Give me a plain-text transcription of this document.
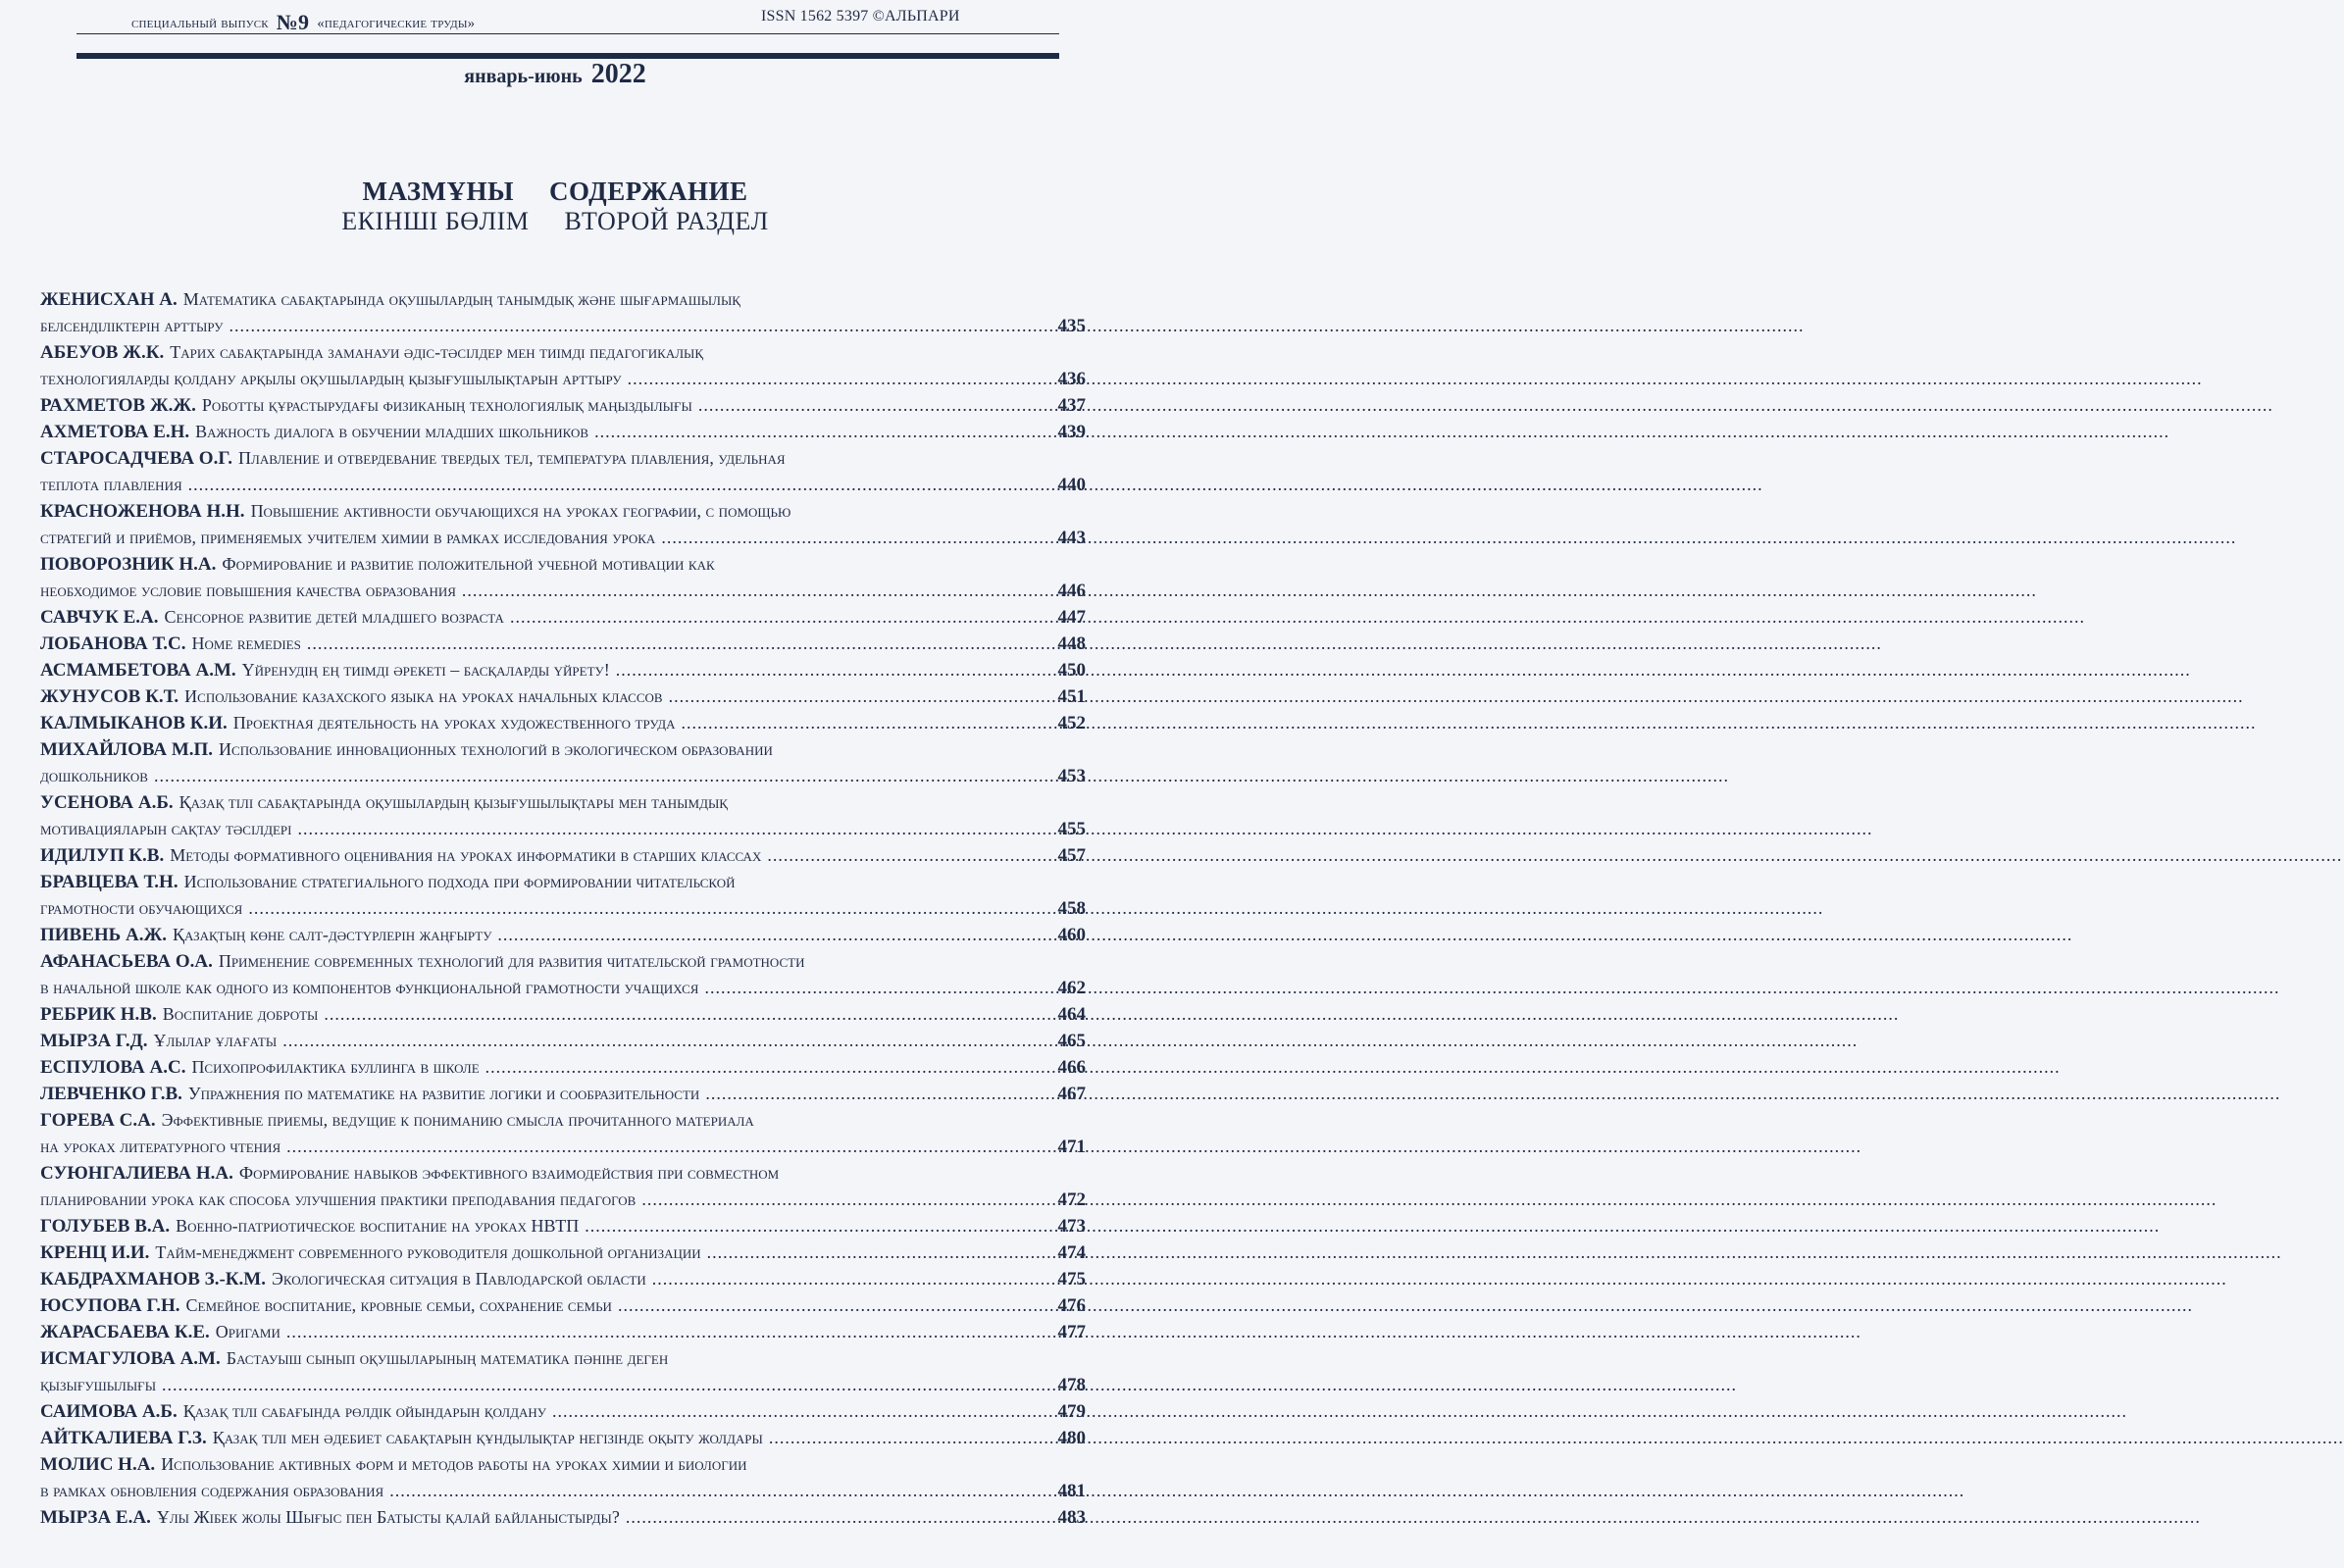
специальный выпуск №9 «педагогические труды»	ISSN 1562 5397 ©АЛЬПАРИ
январь-июнь 2022
МАЗМҰНЫ СОДЕРЖАНИЕ
ЕКІНШІ БӨЛІМ ВТОРОЙ РАЗДЕЛ
ЖЕНИСХАН А. Математика сабақтарында оқушылардың танымдық және шығармашылық
белсенділіктерін арттыру .....	435
АБЕУОВ Ж.К. Тарих сабақтарында заманауи әдіс-тәсілдер мен тиімді педагогикалық
технологияларды қолдану арқылы оқушылардың қызығушылықтарын арттыру .....	436
РАХМЕТОВ Ж.Ж. Роботты құрастырудағы физиканың технологиялық маңыздылығы .....	437
АХМЕТОВА Е.Н. Важность диалога в обучении младших школьников .....	439
СТАРОСАДЧЕВА О.Г. Плавление и отвердевание твердых тел, температура плавления, удельная
теплота плавления .....	440
КРАСНОЖЕНОВА Н.Н. Повышение активности обучающихся на уроках географии, с помощью
стратегий и приёмов, применяемых учителем химии в рамках исследования урока .....	443
ПОВОРОЗНИК Н.А. Формирование и развитие положительной учебной мотивации как
необходимое условие повышения качества образования .....	446
САВЧУК Е.А. Сенсорное развитие детей младшего возраста .....	447
ЛОБАНОВА Т.С. Home remedies .....	448
АСМАМБЕТОВА А.М. Үйренудің ең тиімді әрекеті – басқаларды үйрету! .....	450
ЖУНУСОВ К.Т. Использование казахского языка на уроках начальных классов .....	451
КАЛМЫКАНОВ К.И. Проектная деятельность на уроках художественного труда .....	452
МИХАЙЛОВА М.П. Использование инновационных технологий в экологическом образовании
дошкольников .....	453
УСЕНОВА А.Б. Қазақ тілі сабақтарында оқушылардың қызығушылықтары мен танымдық
мотивацияларын сақтау тәсілдері .....	455
ИДИЛУП К.В. Методы формативного оценивания на уроках информатики в старших классах .....	457
БРАВЦЕВА Т.Н. Использование стратегиального подхода при формировании читательской
грамотности обучающихся .....	458
ПИВЕНЬ А.Ж. Қазақтың көне салт-дәстүрлерін жаңғырту .....	460
АФАНАСЬЕВА О.А. Применение современных технологий для развития читательской грамотности
в начальной школе как одного из компонентов функциональной грамотности учащихся .....	462
РЕБРИК Н.В. Воспитание доброты .....	464
МЫРЗА Г.Д. Ұлылар ұлағаты .....	465
ЕСПУЛОВА А.С. Психопрофилактика буллинга в школе .....	466
ЛЕВЧЕНКО Г.В. Упражнения по математике на развитие логики и сообразительности .....	467
ГОРЕВА С.А. Эффективные приемы, ведущие к пониманию смысла прочитанного материала
на уроках литературного чтения .....	471
СУЮНГАЛИЕВА Н.А. Формирование навыков эффективного взаимодействия при совместном
планировании урока как способа улучшения практики преподавания педагогов .....	472
ГОЛУБЕВ В.А. Военно-патриотическое воспитание на уроках НВТП .....	473
КРЕНЦ И.И. Тайм-менеджмент современного руководителя дошкольной организации .....	474
КАБДРАХМАНОВ З.-К.М. Экологическая ситуация в Павлодарской области .....	475
ЮСУПОВА Г.Н. Семейное воспитание, кровные семьи, сохранение семьи .....	476
ЖАРАСБАЕВА К.Е. Оригами .....	477
ИСМАГУЛОВА А.М. Бастауыш сынып оқушыларының математика пәніне деген
қызығушылығы .....	478
САИМОВА А.Б. Қазақ тілі сабағында рөлдік ойындарын қолдану .....	479
АЙТКАЛИЕВА Г.З. Қазақ тілі мен әдебиет сабақтарын құндылықтар негізінде оқыту жолдары .....	480
МОЛИС Н.А. Использование активных форм и методов работы на уроках химии и биологии
в рамках обновления содержания образования .....	481
МЫРЗА Е.А. Ұлы Жібек жолы Шығыс пен Батысты қалай байланыстырды? .....	483
